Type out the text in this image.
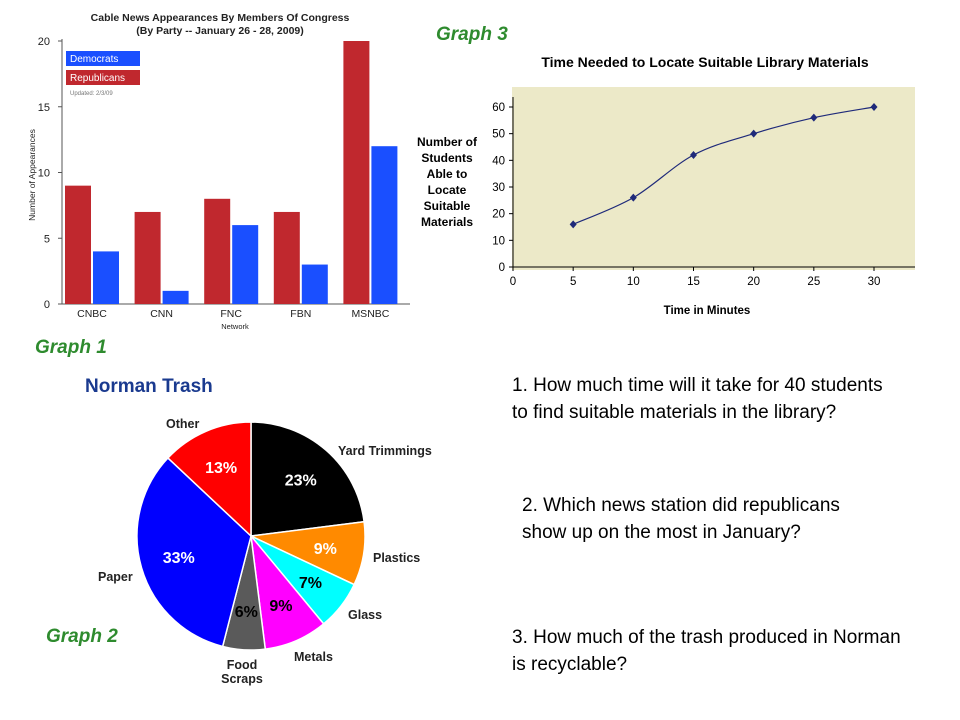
Cable News Appearances By Members Of Congress
(By Party -- January 26 - 28, 2009)
Number of Appearances
Network
0
5
10
15
20
CNBC	CNN	FNC	FBN	MSNBC
Democrats
Republicans
Updated: 2/3/09
Time Needed to Locate Suitable Library Materials
Number of Students Able to Locate Suitable Materials
0
10
20
30
40
50
60
0	5	10	15	20	25	30
Time in Minutes
Norman Trash
23%
Yard Trimmings
9%
Plastics
7%
Glass
9%
Metals
6%
Food Scraps
33%
Paper
13%
Other
Graph 3
Graph 1
Graph 2
1. How much time will it take for 40 students to find suitable materials in the library?
2. Which news station did republicans show up on the most in January?
3. How much of the trash produced in Norman is recyclable?
